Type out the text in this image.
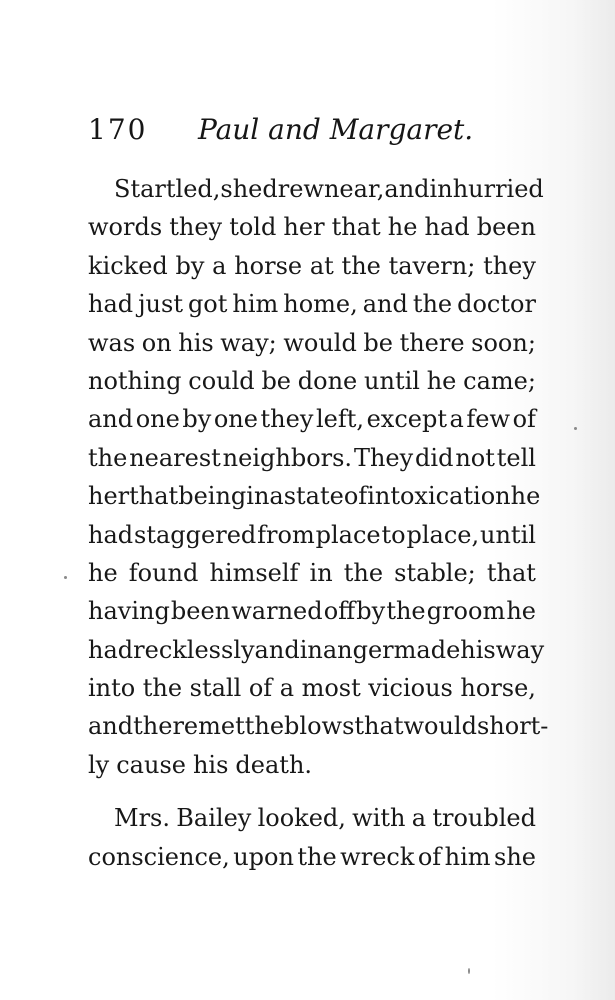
170 Paul and Margaret.
Startled, she drew near, and in hurried
words they told her that he had been
kicked by a horse at the tavern; they
had just got him home, and the doctor
was on his way; would be there soon;
nothing could be done until he came;
and one by one they left, except a few of
the nearest neighbors. They did not tell
her that being in a state of intoxication he
had staggered from place to place, until
he found himself in the stable; that
having been warned off by the groom he
had recklessly and in anger made his way
into the stall of a most vicious horse,
and there met the blows that would short-
ly cause his death.
Mrs. Bailey looked, with a troubled
conscience, upon the wreck of him she
